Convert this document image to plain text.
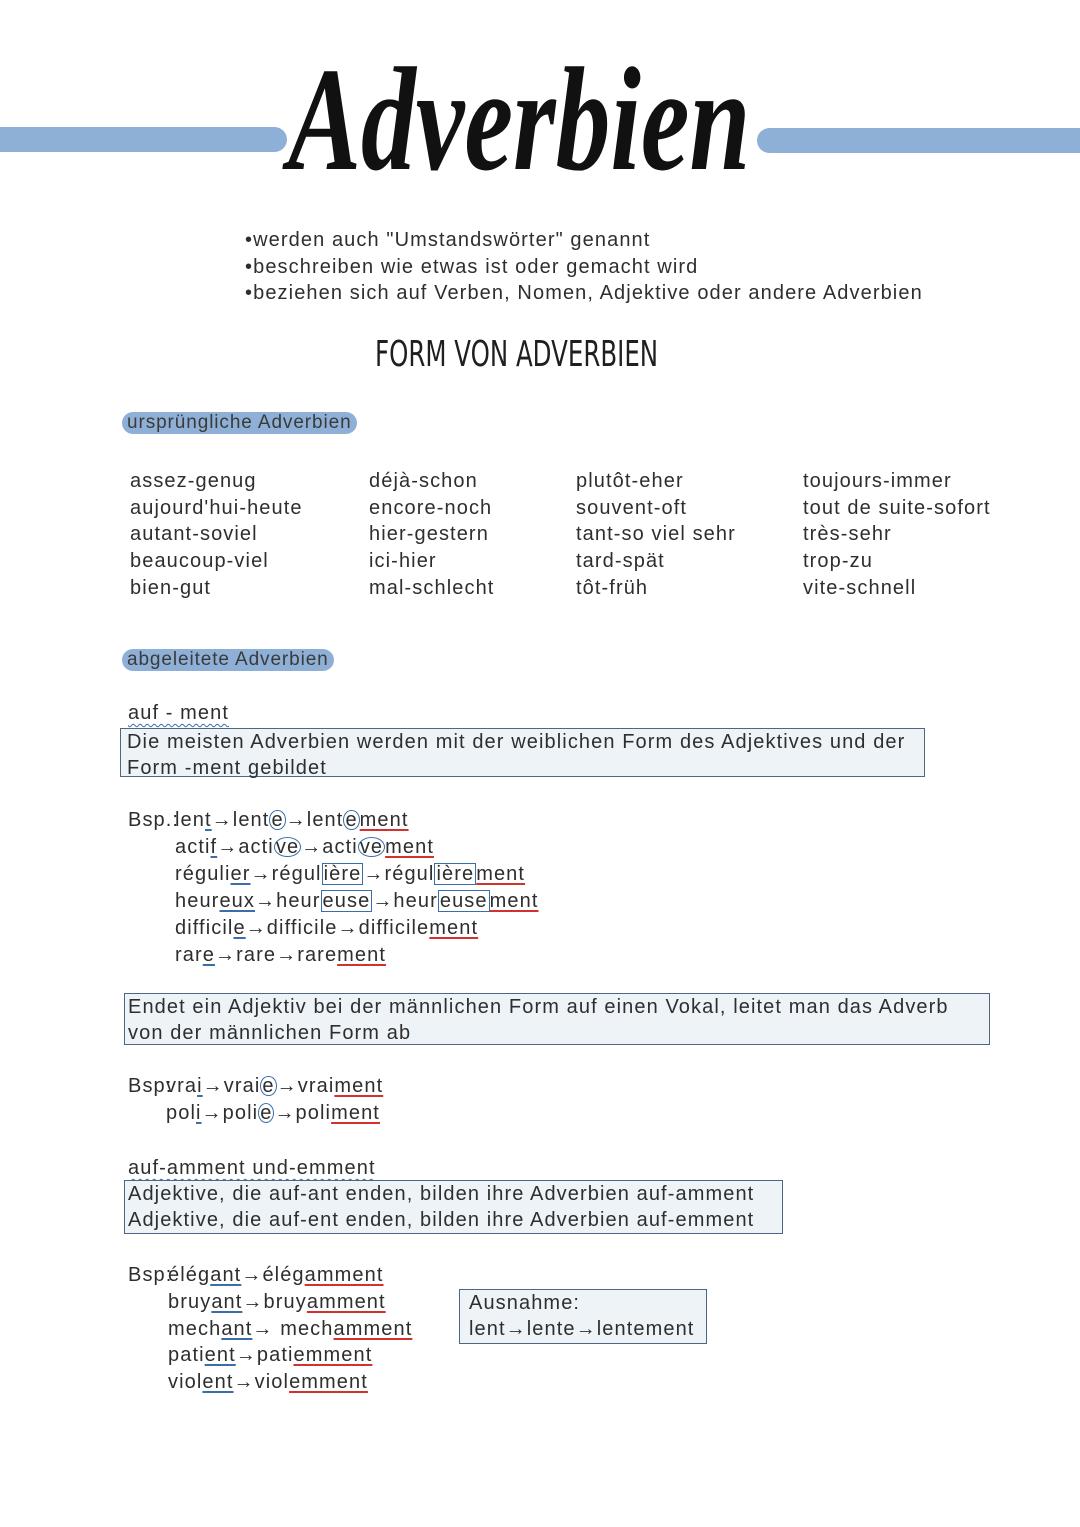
Adverbien
•werden auch "Umstandswörter" genannt
•beschreiben wie etwas ist oder gemacht wird
•beziehen sich auf Verben, Nomen, Adjektive oder andere Adverbien
FORM VON ADVERBIEN
ursprüngliche Adverbien
assez-genug
aujourd'hui-heute
autant-soviel
beaucoup-viel
bien-gut
déjà-schon
encore-noch
hier-gestern
ici-hier
mal-schlecht
plutôt-eher
souvent-oft
tant-so viel sehr
tard-spät
tôt-früh
toujours-immer
tout de suite-sofort
très-sehr
trop-zu
vite-schnell
abgeleitete Adverbien
auf - ment
Die meisten Adverbien werden mit der weiblichen Form des Adjektives und der
Form -ment gebildet
Bsp.:
lent→lent e →lent e ment
actif→acti ve →acti ve ment
régulier→régul ière →régul ière ment
heureux→heur euse →heur euse ment
difficile→difficile→difficilement
rare→rare→rarement
Endet ein Adjektiv bei der männlichen Form auf einen Vokal, leitet man das Adverb
von der männlichen Form ab
Bsp:
vrai→vrai e →vraiment
poli→poli e →poliment
auf-amment und-emment
Adjektive, die auf-ant enden, bilden ihre Adverbien auf-amment
Adjektive, die auf-ent enden, bilden ihre Adverbien auf-emment
Bsp:
élégant→élégamment
bruyant→bruyamment
mechant→ mechamment
patient→patiemment
violent→violemment
Ausnahme:
lent→lente→lentement
